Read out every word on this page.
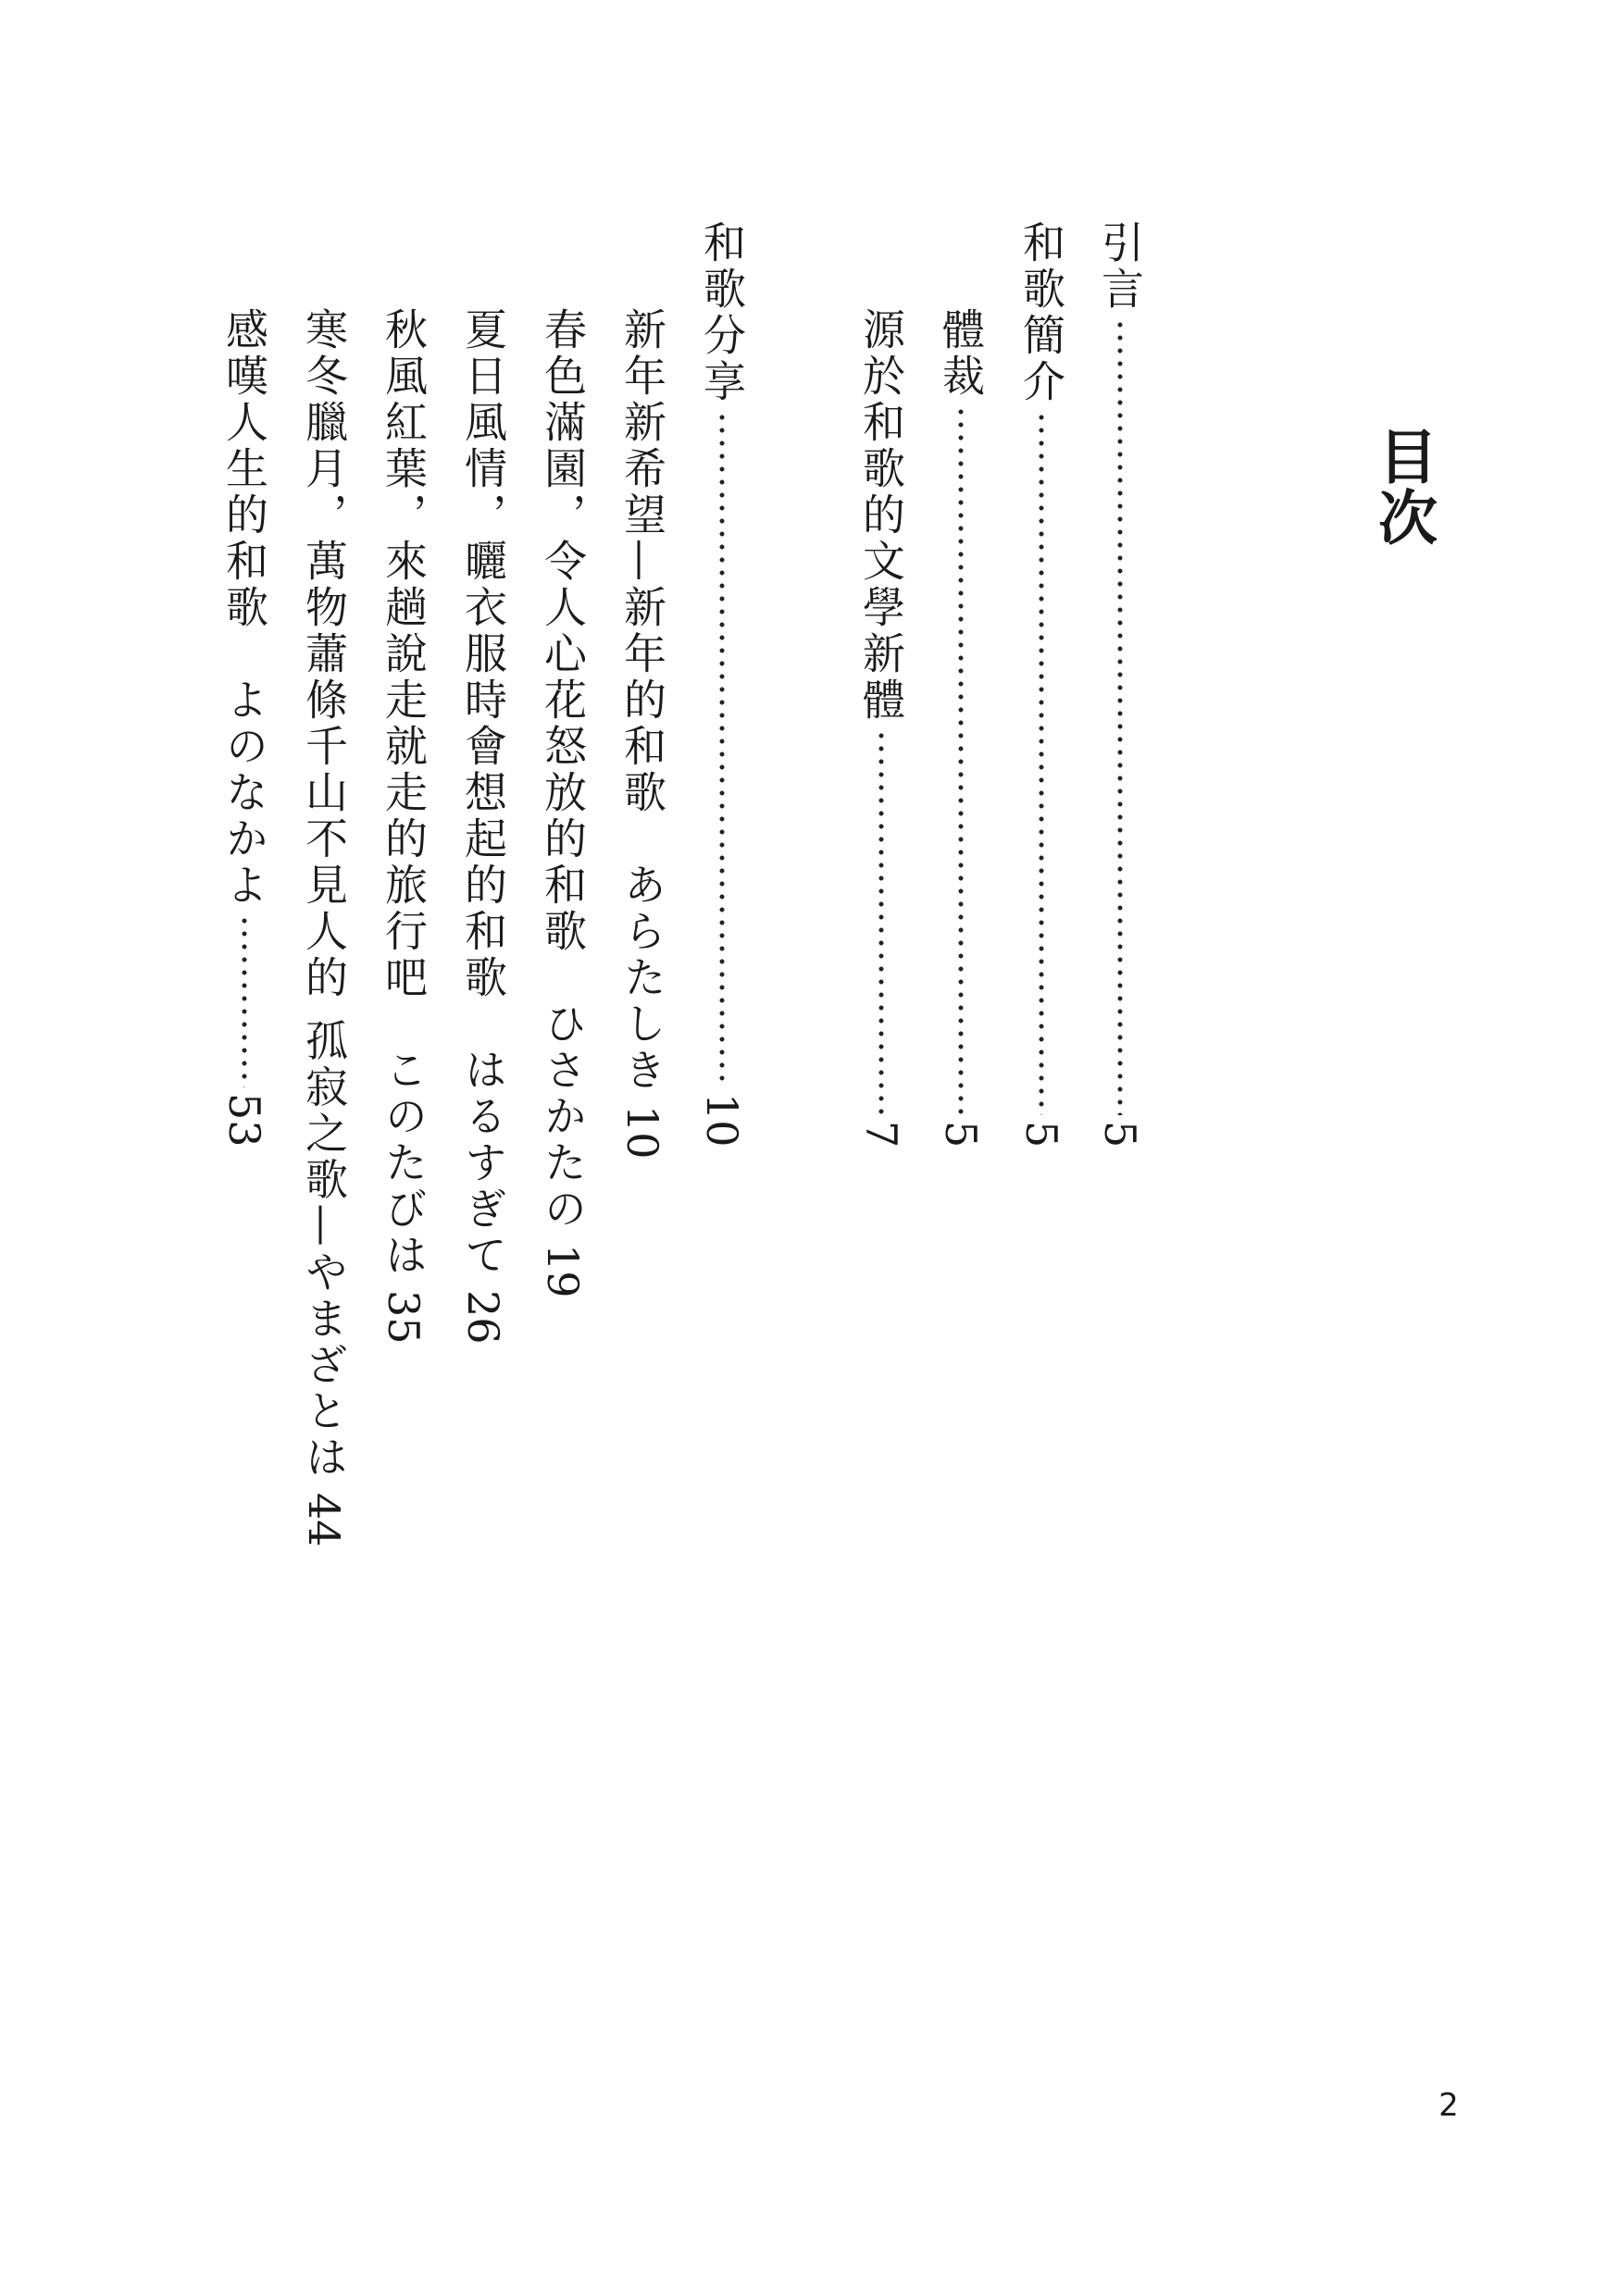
目次
引言
5
和歌簡介
5
體裁
5
源於和歌的文學新體
7
和歌分享
10
新年新希望—新年的和歌　あらたしき
10
春色滿園，令人心花怒放的和歌　ひさかたの
19
夏日風情，曬衣服時會想起的和歌　はるすぎて
26
秋風紅葉，來趟說走就走的旅行吧　このたびは
35
寒冬臘月，萬物蕭條千山不見人的 孤寂之歌—やまざとは
44
感嘆人生的和歌　よのなかよ
53
2
